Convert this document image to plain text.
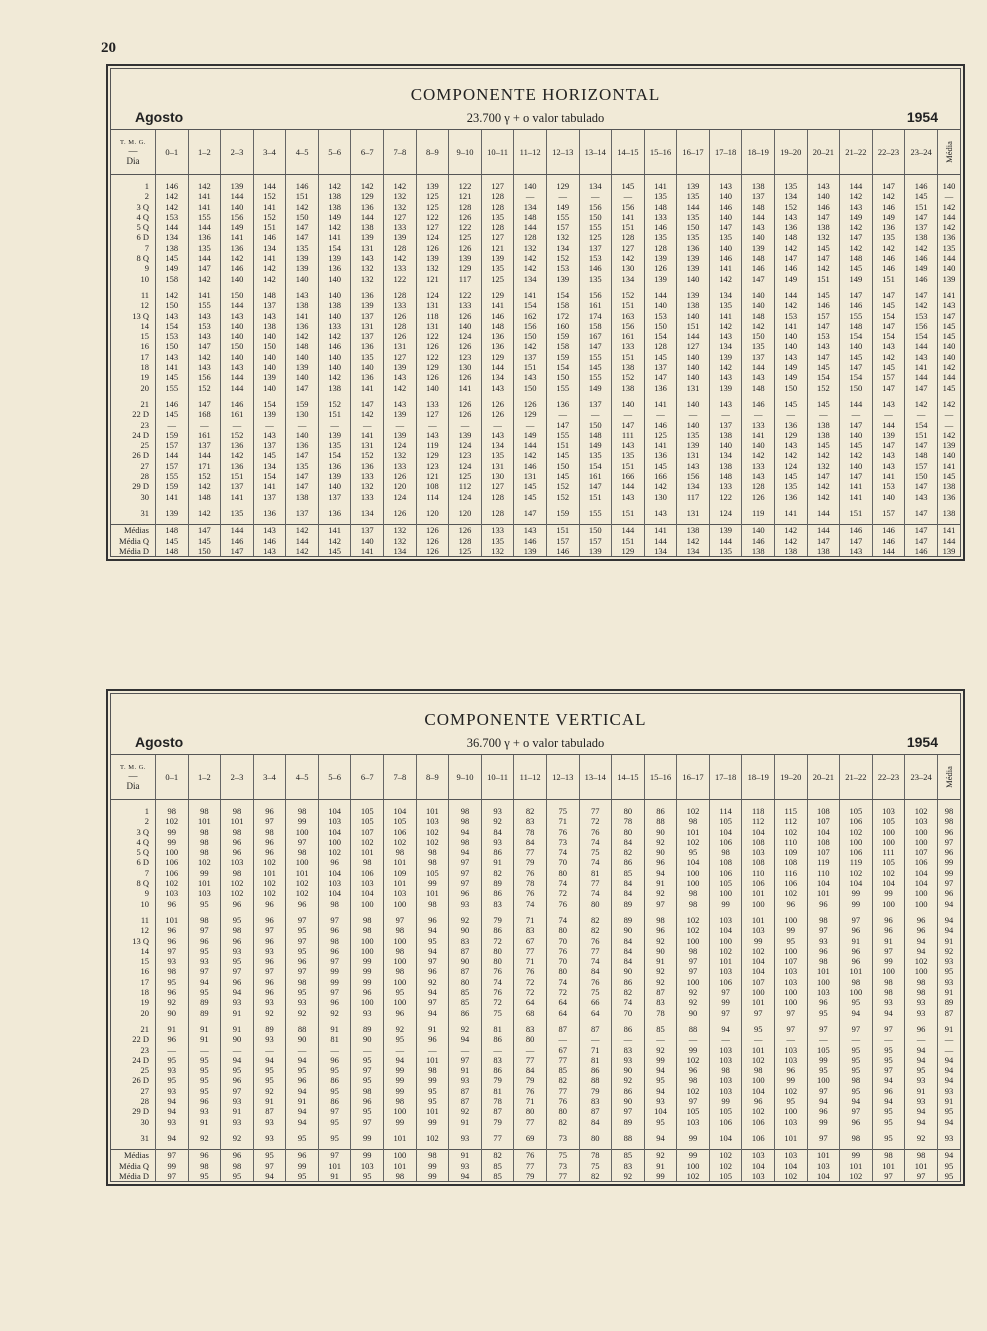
20
COMPONENTE HORIZONTAL
23.700 γ + o valor tabulado
Agosto	1954
T. M. G.
—
Dia	0–1	1–2	2–3	3–4	4–5	5–6	6–7	7–8	8–9	9–10	10–11	11–12	12–13	13–14	14–15	15–16	16–17	17–18	18–19	19–20	20–21	21–22	22–23	23–24	Média

1	146	142	139	144	146	142	142	142	139	122	127	140	129	134	145	141	139	143	138	135	143	144	147	146	140
2	142	141	144	152	151	138	129	132	125	121	128	—	—	—	—	135	135	140	137	134	140	142	142	145	—
3 Q	142	141	140	141	142	138	136	132	125	128	128	134	149	156	156	148	144	146	148	152	146	143	146	151	142
4 Q	153	155	156	152	150	149	144	127	122	126	135	148	155	150	141	133	135	140	144	143	147	149	149	147	144
5 Q	144	144	149	151	147	142	138	133	127	122	128	144	157	155	151	146	150	147	143	136	138	142	136	137	142
6 D	134	136	141	146	147	141	139	139	124	125	127	128	132	125	128	135	135	135	140	148	132	147	135	138	136
7	138	135	136	134	135	154	131	128	126	126	121	132	134	137	127	128	136	140	139	142	145	142	142	142	135
8 Q	145	144	142	141	139	139	143	142	139	139	139	142	152	153	142	139	139	146	148	147	147	148	146	146	144
9	149	147	146	142	139	136	132	133	132	129	135	142	153	146	130	126	139	141	146	146	142	145	146	149	140
10	158	142	140	142	140	140	132	122	121	117	125	134	139	135	134	139	140	142	147	149	151	149	151	146	139

11	142	141	150	148	143	140	136	128	124	122	129	141	154	156	152	144	139	134	140	144	145	147	147	147	141
12	150	155	144	137	138	138	139	133	131	133	141	154	158	161	151	140	138	135	140	142	146	146	145	142	143
13 Q	143	143	143	143	141	140	137	126	118	126	146	162	172	174	163	153	140	141	148	153	157	155	154	153	147
14	154	153	140	138	136	133	131	128	131	140	148	156	160	158	156	150	151	142	142	141	147	148	147	156	145
15	153	143	140	140	142	142	137	126	122	124	136	150	159	167	161	154	144	143	150	140	153	154	154	154	145
16	150	147	150	150	148	146	136	131	126	126	136	142	158	147	133	128	127	134	135	140	143	140	143	144	140
17	143	142	140	140	140	140	135	127	122	123	129	137	159	155	151	145	140	139	137	143	147	145	142	143	140
18	141	143	143	140	139	140	140	139	129	130	144	151	154	145	138	137	140	142	144	149	145	147	145	141	142
19	145	156	144	139	140	142	136	143	126	126	134	143	150	155	152	147	140	143	143	149	154	154	157	144	144
20	155	152	144	140	147	138	141	142	140	141	143	150	155	149	138	136	131	139	148	150	152	150	147	147	145

21	146	147	146	154	159	152	147	143	133	126	126	126	136	137	140	141	140	143	146	145	145	144	143	142	142
22 D	145	168	161	139	130	151	142	139	127	126	126	129	—	—	—	—	—	—	—	—	—	—	—	—	—
23	—	—	—	—	—	—	—	—	—	—	—	—	147	150	147	146	140	137	133	136	138	147	144	154	—
24 D	159	161	152	143	140	139	141	139	143	139	143	149	155	148	111	125	135	138	141	129	138	140	139	151	142
25	157	137	136	137	136	135	131	124	119	124	134	144	151	149	143	141	139	140	140	143	145	145	147	147	139
26 D	144	144	142	145	147	154	152	132	129	123	135	142	145	135	135	136	131	134	142	142	142	142	143	148	140
27	157	171	136	134	135	136	136	133	123	124	131	146	150	154	151	145	143	138	133	124	132	140	143	157	141
28	155	152	151	154	147	139	133	126	121	125	130	131	145	161	166	166	156	148	143	145	147	147	141	150	145
29 D	159	142	137	141	147	140	132	120	108	112	127	145	152	147	144	142	134	133	128	135	142	141	153	147	138
30	141	148	141	137	138	137	133	124	114	124	128	145	152	151	143	130	117	122	126	136	142	141	140	143	136

31	139	142	135	136	137	136	134	126	120	120	128	147	159	155	151	143	131	124	119	141	144	151	157	147	138

Médias	148	147	144	143	142	141	137	132	126	126	133	143	151	150	144	141	138	139	140	142	144	146	146	147	141
Média Q	145	145	146	146	144	142	140	132	126	128	135	146	157	157	151	144	142	144	146	142	147	147	146	147	144
Média D	148	150	147	143	142	145	141	134	126	125	132	139	146	139	129	134	134	135	138	138	138	143	144	146	139
COMPONENTE VERTICAL
36.700 γ + o valor tabulado
Agosto	1954
T. M. G.
—
Dia	0–1	1–2	2–3	3–4	4–5	5–6	6–7	7–8	8–9	9–10	10–11	11–12	12–13	13–14	14–15	15–16	16–17	17–18	18–19	19–20	20–21	21–22	22–23	23–24	Média

1	98	98	98	96	98	104	105	104	101	98	93	82	75	77	80	86	102	114	118	115	108	105	103	102	98
2	102	101	101	97	99	103	105	105	103	98	92	83	71	72	78	88	98	105	112	112	107	106	105	103	98
3 Q	99	98	98	98	100	104	107	106	102	94	84	78	76	76	80	90	101	104	104	102	104	102	100	100	96
4 Q	99	98	96	96	97	100	102	102	102	98	93	84	73	74	84	92	102	106	108	110	108	100	100	100	97
5 Q	100	98	96	96	98	102	101	98	98	94	86	77	74	75	82	90	95	98	103	109	107	106	111	107	96
6 D	106	102	103	102	100	96	98	101	98	97	91	79	70	74	86	96	104	108	108	108	119	119	105	106	99
7	106	99	98	101	101	104	106	109	105	97	82	76	80	81	85	94	100	106	110	116	110	102	102	104	99
8 Q	102	101	102	102	102	103	103	101	99	97	89	78	74	77	84	91	100	105	106	106	104	104	104	104	97
9	103	103	102	102	102	104	104	103	101	96	86	76	72	74	84	92	98	100	101	102	101	99	99	100	96
10	96	95	96	96	96	98	100	100	98	93	83	74	76	80	89	97	98	99	100	96	96	99	100	100	94

11	101	98	95	96	97	97	98	97	96	92	79	71	74	82	89	98	102	103	101	100	98	97	96	96	94
12	96	97	98	97	95	96	98	98	94	90	86	83	80	82	90	96	102	104	103	99	97	96	96	96	94
13 Q	96	96	96	96	97	98	100	100	95	83	72	67	70	76	84	92	100	100	99	95	93	91	91	94	91
14	97	95	93	93	95	96	100	98	94	87	80	77	76	77	84	90	98	102	102	100	96	96	97	94	92
15	93	93	95	96	96	97	99	100	97	90	80	71	70	74	84	91	97	101	104	107	98	96	99	102	93
16	98	97	97	97	97	99	99	98	96	87	76	76	80	84	90	92	97	103	104	103	101	101	100	100	95
17	95	94	96	96	98	99	99	100	92	80	74	72	74	76	86	92	100	106	107	103	100	98	98	98	93
18	96	95	94	96	95	97	96	95	94	85	76	72	72	75	82	87	92	97	100	100	103	100	98	98	91
19	92	89	93	93	93	96	100	100	97	85	72	64	64	66	74	83	92	99	101	100	96	95	93	93	89
20	90	89	91	92	92	92	93	96	94	86	75	68	64	64	70	78	90	97	97	97	95	94	94	93	87

21	91	91	91	89	88	91	89	92	91	92	81	83	87	87	86	85	88	94	95	97	97	97	97	96	91
22 D	96	91	90	93	90	81	90	95	96	94	86	80	—	—	—	—	—	—	—	—	—	—	—	—	—
23	—	—	—	—	—	—	—	—	—	—	—	—	67	71	83	92	99	103	101	103	105	95	95	94	—
24 D	95	95	94	94	94	96	95	94	101	97	83	77	77	81	93	99	102	103	102	103	99	95	95	94	94
25	93	95	95	95	95	95	97	99	98	91	86	84	85	86	90	94	96	98	98	96	95	95	97	95	94
26 D	95	95	96	95	96	86	95	99	99	93	79	79	82	88	92	95	98	103	100	99	100	98	94	93	94
27	93	95	97	92	94	95	98	99	95	87	81	76	77	79	86	94	102	103	104	102	97	95	96	91	93
28	94	96	93	91	91	86	96	98	95	87	78	71	76	83	90	93	97	99	96	95	94	94	94	93	91
29 D	94	93	91	87	94	97	95	100	101	92	87	80	80	87	97	104	105	105	102	100	96	97	95	94	95
30	93	91	93	93	94	95	97	99	99	91	79	77	82	84	89	95	103	106	106	103	99	96	95	94	94

31	94	92	92	93	95	95	99	101	102	93	77	69	73	80	88	94	99	104	106	101	97	98	95	92	93

Médias	97	96	96	95	96	97	99	100	98	91	82	76	75	78	85	92	99	102	103	103	101	99	98	98	94
Média Q	99	98	98	97	99	101	103	101	99	93	85	77	73	75	83	91	100	102	104	104	103	101	101	101	95
Média D	97	95	95	94	95	91	95	98	99	94	85	79	77	82	92	99	102	105	103	102	104	102	97	97	95
